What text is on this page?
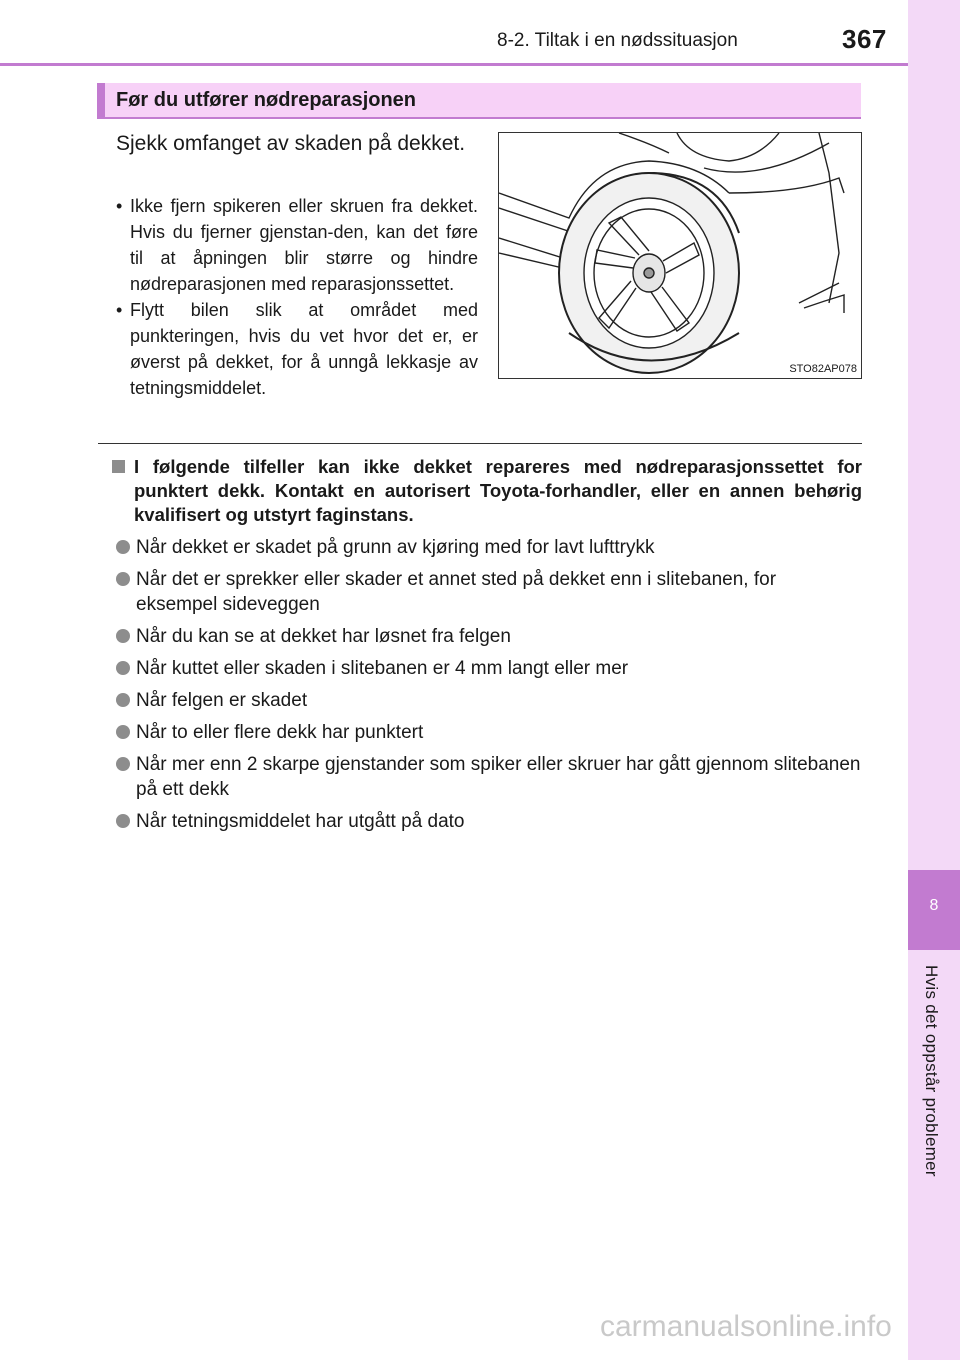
8-2. Tiltak i en nødssituasjon	367
8
Hvis det oppstår problemer
Før du utfører nødreparasjonen

Sjekk omfanget av skaden på dekket.

• Ikke fjern spikeren eller skruen fra dekket. Hvis du fjerner gjenstan-den, kan det føre til at åpningen blir større og hindre nødreparasjonen med reparasjonssettet.
• Flytt bilen slik at området med punkteringen, hvis du vet hvor det er, er øverst på dekket, for å unngå lekkasje av tetningsmiddelet.
STO82AP078
I følgende tilfeller kan ikke dekket repareres med nødreparasjonssettet for punktert dekk. Kontakt en autorisert Toyota-forhandler, eller en annen behørig kvalifisert og utstyrt faginstans.
Når dekket er skadet på grunn av kjøring med for lavt lufttrykk
Når det er sprekker eller skader et annet sted på dekket enn i slitebanen, for eksempel sideveggen
Når du kan se at dekket har løsnet fra felgen
Når kuttet eller skaden i slitebanen er 4 mm langt eller mer
Når felgen er skadet
Når to eller flere dekk har punktert
Når mer enn 2 skarpe gjenstander som spiker eller skruer har gått gjennom slitebanen på ett dekk
Når tetningsmiddelet har utgått på dato
carmanualsonline.info
